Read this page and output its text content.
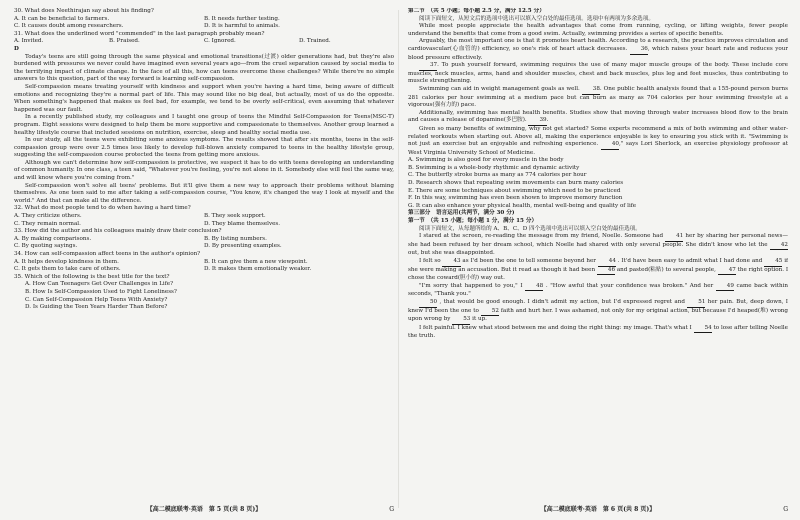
30. What does Neethirajan say about his finding?

A. It can be beneficial to farmers.	B. It needs further testing.
C. It causes doubt among researchers.	D. It is harmful to animals.

31. What does the underlined word "commended" in the last paragraph probably mean?

A. Invited.	B. Praised.	C. Ignored.	D. Trained.

D

Today's teens are still going through the same physical and emotional transitions(过渡) older generations had, but they're also burdened with pressures we never could have imagined even several years ago—from the cruel separation caused by social media to the terrifying impact of climate change. In the face of all this, how can teens overcome these challenges? While there're no simple answers to this question, part of the way forward is learning self-compassion.

Self-compassion means treating yourself with kindness and support when you're having a hard time, being aware of difficult emotions and recognizing they're a normal part of life. This may sound like no big deal, but actually, most of us do the opposite. When something's happened that makes us feel bad, for example, we tend to be overly self-critical, even assuming that whatever happened was our fault.

In a recently published study, my colleagues and I taught one group of teens the Mindful Self-Compassion for Teens(MSC-T) program. Eight sessions were designed to help them be more supportive and compassionate to themselves. Another group learned a healthy lifestyle course that included sessions on nutrition, exercise, sleep and healthy social media use.

In our study, all the teens were exhibiting some anxious symptoms. The results showed that after six months, teens in the self-compassion group were over 2.5 times less likely to develop full-blown anxiety compared to teens in the healthy lifestyle group, suggesting the self-compassion course protected the teens from getting more anxious.

Although we can't determine how self-compassion is protective, we suspect it has to do with teens developing an understanding of common humanity. In one class, a teen said, "Whatever you're feeling, you're not alone in it. Somebody else will feel the same way, and will know where you're coming from."

Self-compassion won't solve all teens' problems. But it'll give them a new way to approach their problems without blaming themselves. As one teen said to me after taking a self-compassion course, "You know, it's changed the way I look at myself and the world." And that can make all the difference.

32. What do most people tend to do when having a hard time?

A. They criticize others.	B. They seek support.
C. They remain normal.	D. They blame themselves.

33. How did the author and his colleagues mainly draw their conclusion?

A. By making comparisons.	B. By listing numbers.
C. By quoting sayings.	D. By presenting examples.

34. How can self-compassion affect teens in the author's opinion?

A. It helps develop kindness in them.	B. It can give them a new viewpoint.
C. It gets them to take care of others.	D. It makes them emotionally weaker.

35. Which of the following is the best title for the text?

A. How Can Teenagers Get Over Challenges in Life?

B. How Is Self-Compassion Used to Fight Loneliness?

C. Can Self-Compassion Help Teens With Anxiety?

D. Is Guiding the Teen Years Harder Than Before?

【高二模底联考·英语　第 5 页(共 8 页)】	G

第二节　（共 5 小题；每小题 2.5 分，满分 12.5 分）

阅读下面短文，从短文后的选项中选出可以填入空白处的最佳选项。选项中有两项为多余选项。

While most people appreciate the health advantages that come from running, cycling, or lifting weights, fewer people understand the benefits that come from a good swim. Actually, swimming provides a series of specific benefits.

Arguably, the most important one is that it promotes heart health. According to a research, the practice improves circulation and cardiovascular(心血管的) efficiency, so one's risk of heart attack decreases. 36, which raises your heart rate and reduces your blood pressure effectively.

37. To push yourself forward, swimming requires the use of many major muscle groups of the body. These include core muscles, neck muscles, arms, hand and shoulder muscles, chest and back muscles, plus leg and feet muscles, thus contributing to muscle strengthening.

Swimming can aid in weight management goals as well. 38. One public health analysis found that a 155-pound person burns 281 calories per hour swimming at a medium pace but can burn as many as 704 calories per hour swimming freestyle at a vigorous(强有力的) pace.

Additionally, swimming has mental health benefits. Studies show that moving through water increases blood flow to the brain and causes a release of dopamine(多巴胺). 39.

Given so many benefits of swimming, why not get started? Some experts recommend a mix of both swimming and other water-related workouts when starting out. Above all, making the experience enjoyable is key to ensuring you stick with it. "Swimming is not just an exercise but an enjoyable and refreshing experience. 40," says Lori Sherlock, an exercise physiology professor at West Virginia University School of Medicine.

A. Swimming is also good for every muscle in the body

B. Swimming is a whole-body rhythmic and dynamic activity

C. The butterfly stroke burns as many as 774 calories per hour

D. Research shows that repeating swim movements can burn many calories

E. There are some techniques about swimming which need to be practiced

F. In this way, swimming has even been shown to improve memory function

G. It can also enhance your physical health, mental well-being and quality of life

第三部分　语言运用(共两节，满分 30 分)

第一节　（共 15 小题；每小题 1 分，满分 15 分）

阅读下面短文，从每题所给的 A、B、C、D 四个选项中选出可以填入空白处的最佳选项。

I stared at the screen, re-reading the message from my friend, Noelle. Someone had 41 her by sharing her personal news—she had been refused by her dream school, which Noelle had shared with only several people. She didn't know who let the 42 out, but she was disappointed.

I felt so 43 as I'd been the one to tell someone beyond her 44 . It'd have been easy to admit what I had done and 45 if she were making an accusation. But it read as though it had been 46 and pasted(粘贴) to several people, 47 the right option. I chose the coward(胆小的) way out.

"I'm sorry that happened to you," I 48 . "How awful that your confidence was broken." And her 49 came back within seconds, "Thank you."

50 , that would be good enough. I didn't admit my action, but I'd expressed regret and 51 her pain. But, deep down, I knew I'd been the one to 52 faith and hurt her. I was ashamed, not only for my original action, but because I'd heaped(堆) wrong upon wrong by 53 it up.

I felt painful. I knew what stood between me and doing the right thing: my image. That's what I 54 to lose after telling Noelle the truth.

【高二模底联考·英语　第 6 页(共 8 页)】	G
